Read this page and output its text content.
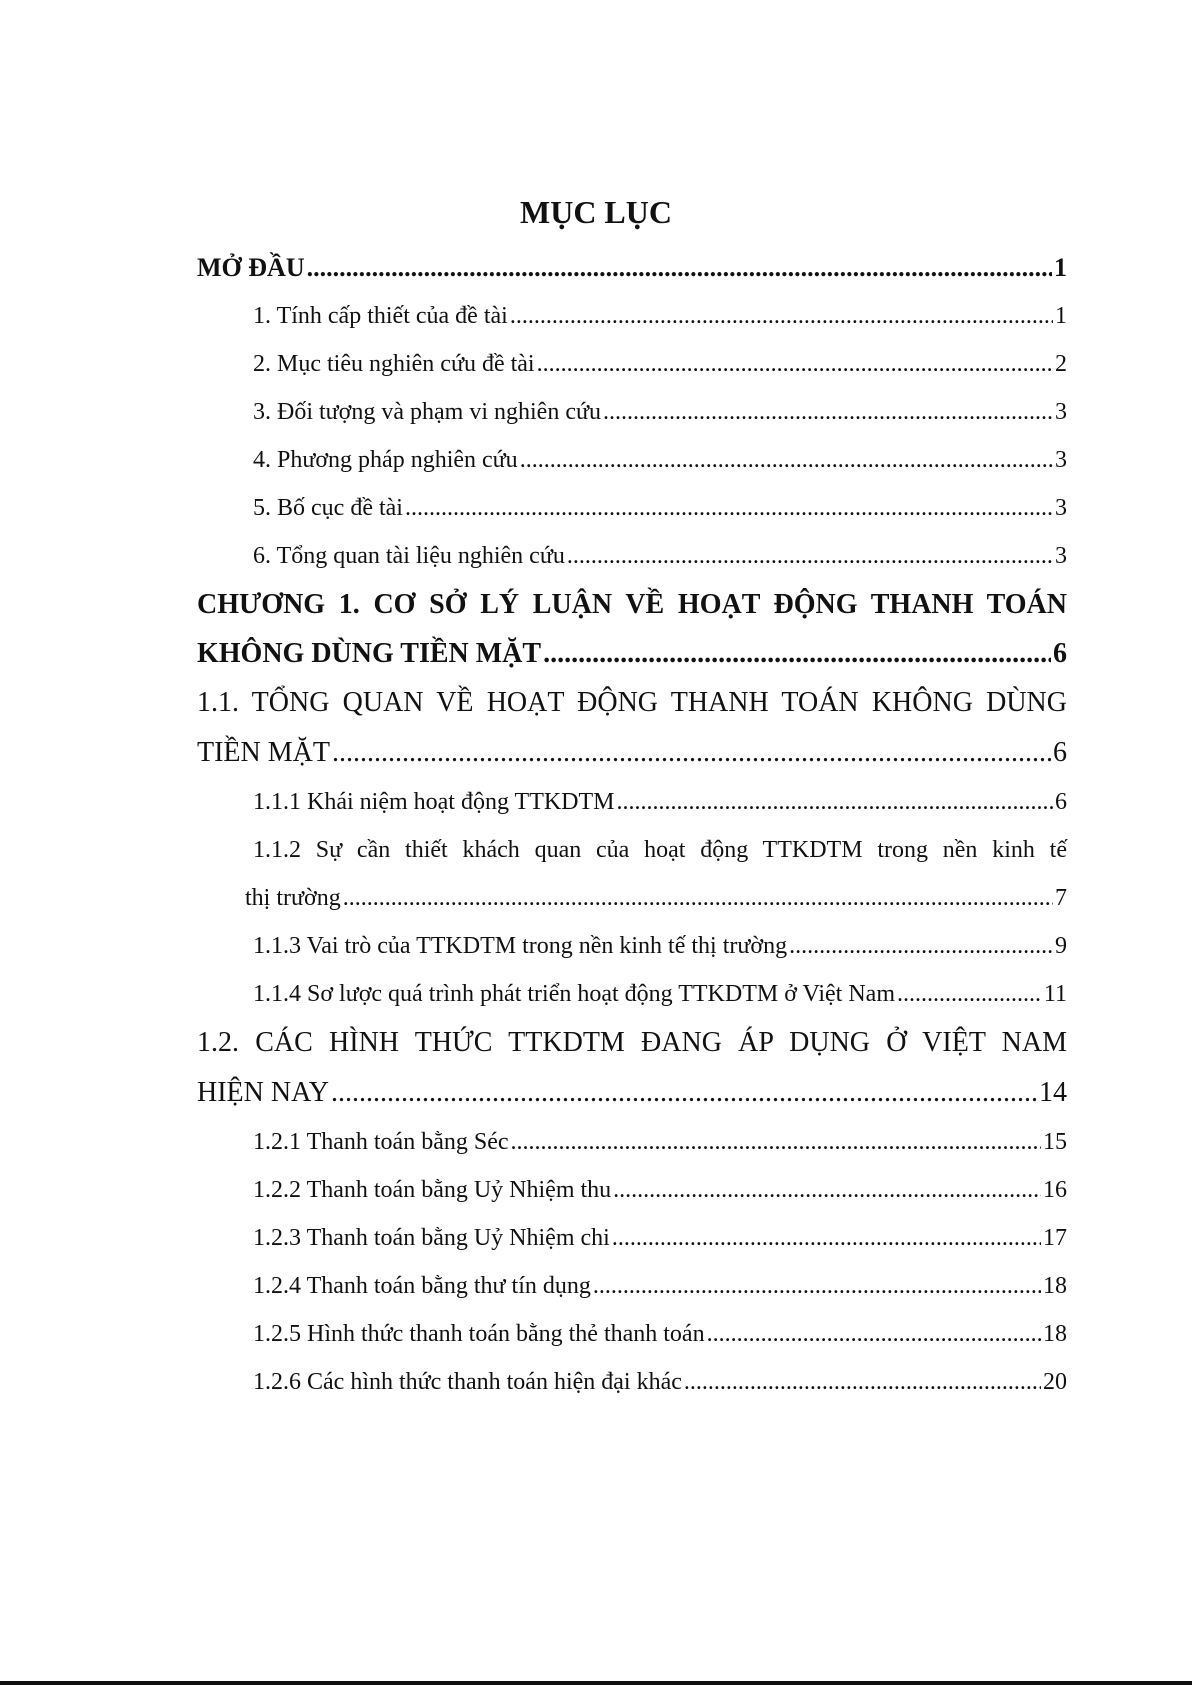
MỤC LỤC
MỞ ĐẦU .....	1
1. Tính cấp thiết của đề tài .....	1
2. Mục tiêu nghiên cứu đề tài .....	2
3. Đối tượng và phạm vi nghiên cứu .....	3
4. Phương pháp nghiên cứu .....	3
5. Bố cục đề tài .....	3
6. Tổng quan tài liệu nghiên cứu .....	3
CHƯƠNG 1. CƠ SỞ LÝ LUẬN VỀ HOẠT ĐỘNG THANH TOÁN
KHÔNG DÙNG TIỀN MẶT .....	6
1.1. TỔNG QUAN VỀ HOẠT ĐỘNG THANH TOÁN KHÔNG DÙNG
TIỀN MẶT .....	6
1.1.1 Khái niệm hoạt động TTKDTM .....	6
1.1.2 Sự cần thiết khách quan của hoạt động TTKDTM trong nền kinh tế
thị trường .....	7
1.1.3 Vai trò của TTKDTM trong nền kinh tế thị trường .....	9
1.1.4 Sơ lược quá trình phát triển hoạt động TTKDTM ở Việt Nam .....	11
1.2. CÁC HÌNH THỨC TTKDTM ĐANG ÁP DỤNG Ở VIỆT NAM
HIỆN NAY .....	14
1.2.1 Thanh toán bằng Séc .....	15
1.2.2 Thanh toán bằng Uỷ Nhiệm thu .....	16
1.2.3 Thanh toán bằng Uỷ Nhiệm chi .....	17
1.2.4 Thanh toán bằng thư tín dụng .....	18
1.2.5 Hình thức thanh toán bằng thẻ thanh toán .....	18
1.2.6 Các hình thức thanh toán hiện đại khác .....	20
